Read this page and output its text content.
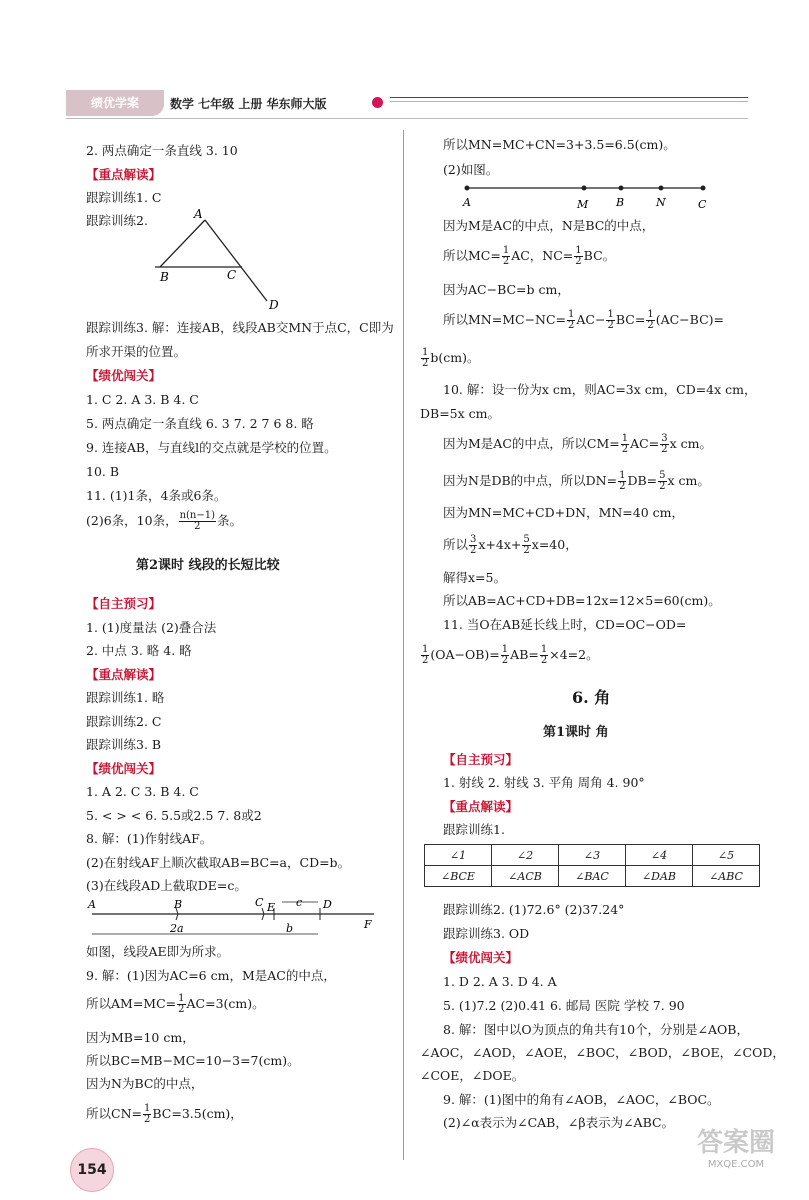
绩优学案	数学 七年级 上册 华东师大版
2. 两点确定一条直线 3. 10
【重点解读】
跟踪训练1. C
跟踪训练2.	A
B	C
D
跟踪训练3. 解：连接AB，线段AB交MN于点C，C即为
所求开渠的位置。
【绩优闯关】
1. C 2. A 3. B 4. C
5. 两点确定一条直线 6. 3 7. 2 7 6 8. 略
9. 连接AB，与直线l的交点就是学校的位置。
10. B
11. (1)1条，4条或6条。
(2)6条，10条， $\frac{n(n-1)}{2}$ 条。
第2课时 线段的长短比较
【自主预习】
1. (1)度量法 (2)叠合法
2. 中点 3. 略 4. 略
【重点解读】
跟踪训练1. 略
跟踪训练2. C
跟踪训练3. B
【绩优闯关】
1. A 2. C 3. B 4. C
5. < > < 6. 5.5或2.5 7. 8或2
8. 解：(1)作射线AF。
(2)在射线AF上顺次截取AB=BC=a，CD=b。
(3)在线段AD上截取DE=c。
A	B	C E	D
F
2a
c
b
如图，线段AE即为所求。
9. 解：(1)因为AC=6 cm，M是AC的中点，
所以$AM=MC= \frac{1}{2} AC=3(cm)$。
因为MB=10 cm，
所以BC=MB−MC=10−3=7(cm)。
因为N为BC的中点，
所以$CN= \frac{1}{2} BC=3.5(cm)$，
所以MN=MC+CN=3+3.5=6.5(cm)。
(2)如图。
A	M	B	N	C
因为M是AC的中点，N是BC的中点，
所以$MC= \frac{1}{2}$ AC，$NC= \frac{1}{2}$ BC。
因为AC−BC=b cm，
所以$MN=MC-NC= \frac{1}{2} AC- \frac{1}{2} BC= \frac{1}{2} (AC-BC)=$
$\frac{1}{2} b(cm)$。
10. 解：设一份为x cm，则AC=3x cm，CD=4x cm，
DB=5x cm。
因为M是AC的中点，所以$CM= \frac{1}{2} AC= \frac{3}{2}$ x cm。
因为N是DB的中点，所以$DN= \frac{1}{2} DB= \frac{5}{2}$ x cm。
因为MN=MC+CD+DN，MN=40 cm，
所以 $\frac{3}{2} x+4x+ \frac{5}{2} x=40$，
解得x=5。
所以AB=AC+CD+DB=12x=12×5=60(cm)。
11. 当O在AB延长线上时，CD=OC−OD=
$\frac{1}{2} (OA-OB)= \frac{1}{2} AB= \frac{1}{2} \times 4=2$。
6. 角
第1课时 角
【自主预习】
1. 射线 2. 射线 3. 平角 周角 4. 90°
【重点解读】
跟踪训练1.
∠1	∠2	∠3	∠4	∠5
∠BCE	∠ACB	∠BAC	∠DAB	∠ABC
跟踪训练2. (1)72.6° (2)37.24°
跟踪训练3. OD
【绩优闯关】
1. D 2. A 3. D 4. A
5. (1)7.2 (2)0.41 6. 邮局 医院 学校 7. 90
8. 解：图中以O为顶点的角共有10个，分别是∠AOB，
∠AOC，∠AOD，∠AOE，∠BOC，∠BOD，∠BOE，∠COD，
∠COE，∠DOE。
9. 解：(1)图中的角有∠AOB，∠AOC，∠BOC。
(2)∠α表示为∠CAB，∠β表示为∠ABC。
154
答案圈
MXQE.COM
